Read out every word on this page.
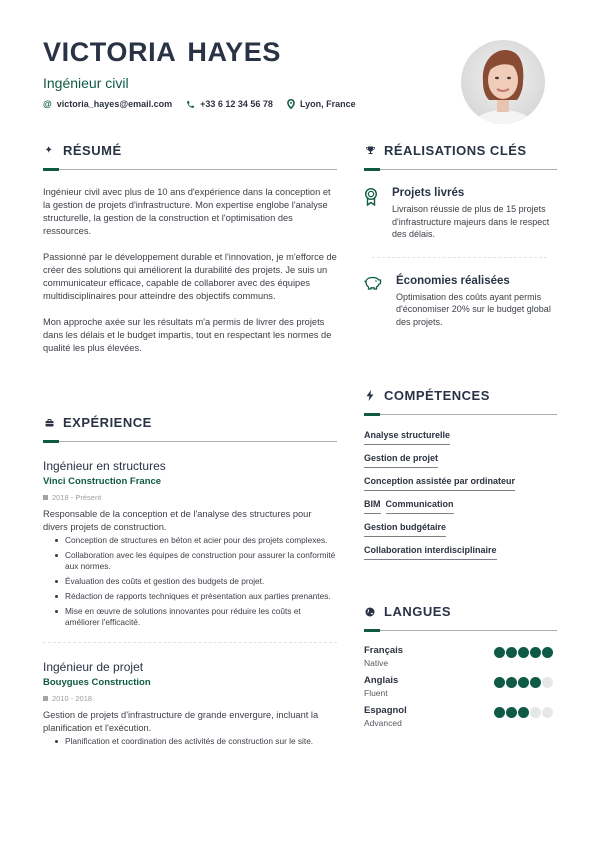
VICTORIA HAYES
Ingénieur civil
@ victoria_hayes@email.com	+33 6 12 34 56 78	Lyon, France
✦ RÉSUMÉ

Ingénieur civil avec plus de 10 ans d'expérience dans la conception et la gestion de projets d'infrastructure. Mon expertise englobe l'analyse structurelle, la gestion de la construction et l'optimisation des ressources.

Passionné par le développement durable et l'innovation, je m'efforce de créer des solutions qui améliorent la durabilité des projets. Je suis un communicateur efficace, capable de collaborer avec des équipes multidisciplinaires pour atteindre des objectifs communs.

Mon approche axée sur les résultats m'a permis de livrer des projets dans les délais et le budget impartis, tout en respectant les normes de qualité les plus élevées.

EXPÉRIENCE
Ingénieur en structures
Vinci Construction France
2018 - Présent
Responsable de la conception et de l'analyse des structures pour divers projets de construction.
Conception de structures en béton et acier pour des projets complexes.
Collaboration avec les équipes de construction pour assurer la conformité aux normes.
Évaluation des coûts et gestion des budgets de projet.
Rédaction de rapports techniques et présentation aux parties prenantes.
Mise en œuvre de solutions innovantes pour réduire les coûts et améliorer l'efficacité.
Ingénieur de projet
Bouygues Construction
2010 - 2018
Gestion de projets d'infrastructure de grande envergure, incluant la planification et l'exécution.
Planification et coordination des activités de construction sur le site.
RÉALISATIONS CLÉS
Projets livrés
Livraison réussie de plus de 15 projets d'infrastructure majeurs dans le respect des délais.
Économies réalisées
Optimisation des coûts ayant permis d'économiser 20% sur le budget global des projets.
COMPÉTENCES
Analyse structurelle
Gestion de projet
Conception assistée par ordinateur
BIM Communication
Gestion budgétaire
Collaboration interdisciplinaire
LANGUES
Français
Native
Anglais
Fluent
Espagnol
Advanced
